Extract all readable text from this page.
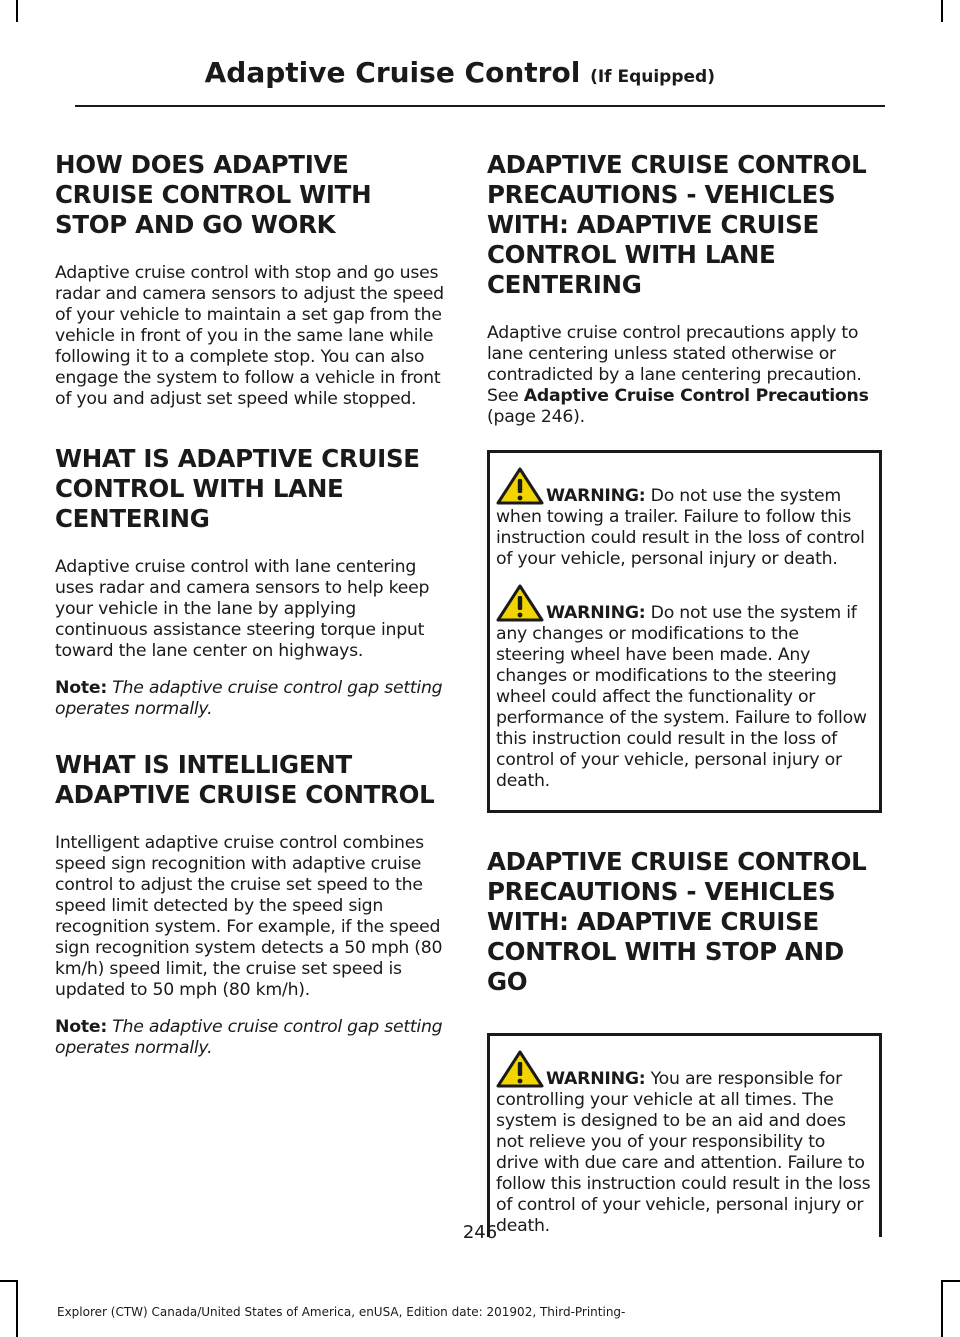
Adaptive Cruise Control (If Equipped)
HOW DOES ADAPTIVE CRUISE CONTROL WITH STOP AND GO WORK

Adaptive cruise control with stop and go uses radar and camera sensors to adjust the speed of your vehicle to maintain a set gap from the vehicle in front of you in the same lane while following it to a complete stop. You can also engage the system to follow a vehicle in front of you and adjust set speed while stopped.

WHAT IS ADAPTIVE CRUISE CONTROL WITH LANE CENTERING

Adaptive cruise control with lane centering uses radar and camera sensors to help keep your vehicle in the lane by applying continuous assistance steering torque input toward the lane center on highways.

Note: The adaptive cruise control gap setting operates normally.

WHAT IS INTELLIGENT ADAPTIVE CRUISE CONTROL

Intelligent adaptive cruise control combines speed sign recognition with adaptive cruise control to adjust the cruise set speed to the speed limit detected by the speed sign recognition system. For example, if the speed sign recognition system detects a 50 mph (80 km/h) speed limit, the cruise set speed is updated to 50 mph (80 km/h).

Note: The adaptive cruise control gap setting operates normally.

ADAPTIVE CRUISE CONTROL PRECAUTIONS - VEHICLES WITH: ADAPTIVE CRUISE CONTROL WITH LANE CENTERING

Adaptive cruise control precautions apply to lane centering unless stated otherwise or contradicted by a lane centering precaution. See Adaptive Cruise Control Precautions (page 246).

WARNING: Do not use the system when towing a trailer. Failure to follow this instruction could result in the loss of control of your vehicle, personal injury or death.
WARNING: Do not use the system if any changes or modifications to the steering wheel have been made. Any changes or modifications to the steering wheel could affect the functionality or performance of the system. Failure to follow this instruction could result in the loss of control of your vehicle, personal injury or death.
ADAPTIVE CRUISE CONTROL PRECAUTIONS - VEHICLES WITH: ADAPTIVE CRUISE CONTROL WITH STOP AND GO
WARNING: You are responsible for controlling your vehicle at all times. The system is designed to be an aid and does not relieve you of your responsibility to drive with due care and attention. Failure to follow this instruction could result in the loss of control of your vehicle, personal injury or death.
246
Explorer (CTW) Canada/United States of America, enUSA, Edition date: 201902, Third-Printing-
